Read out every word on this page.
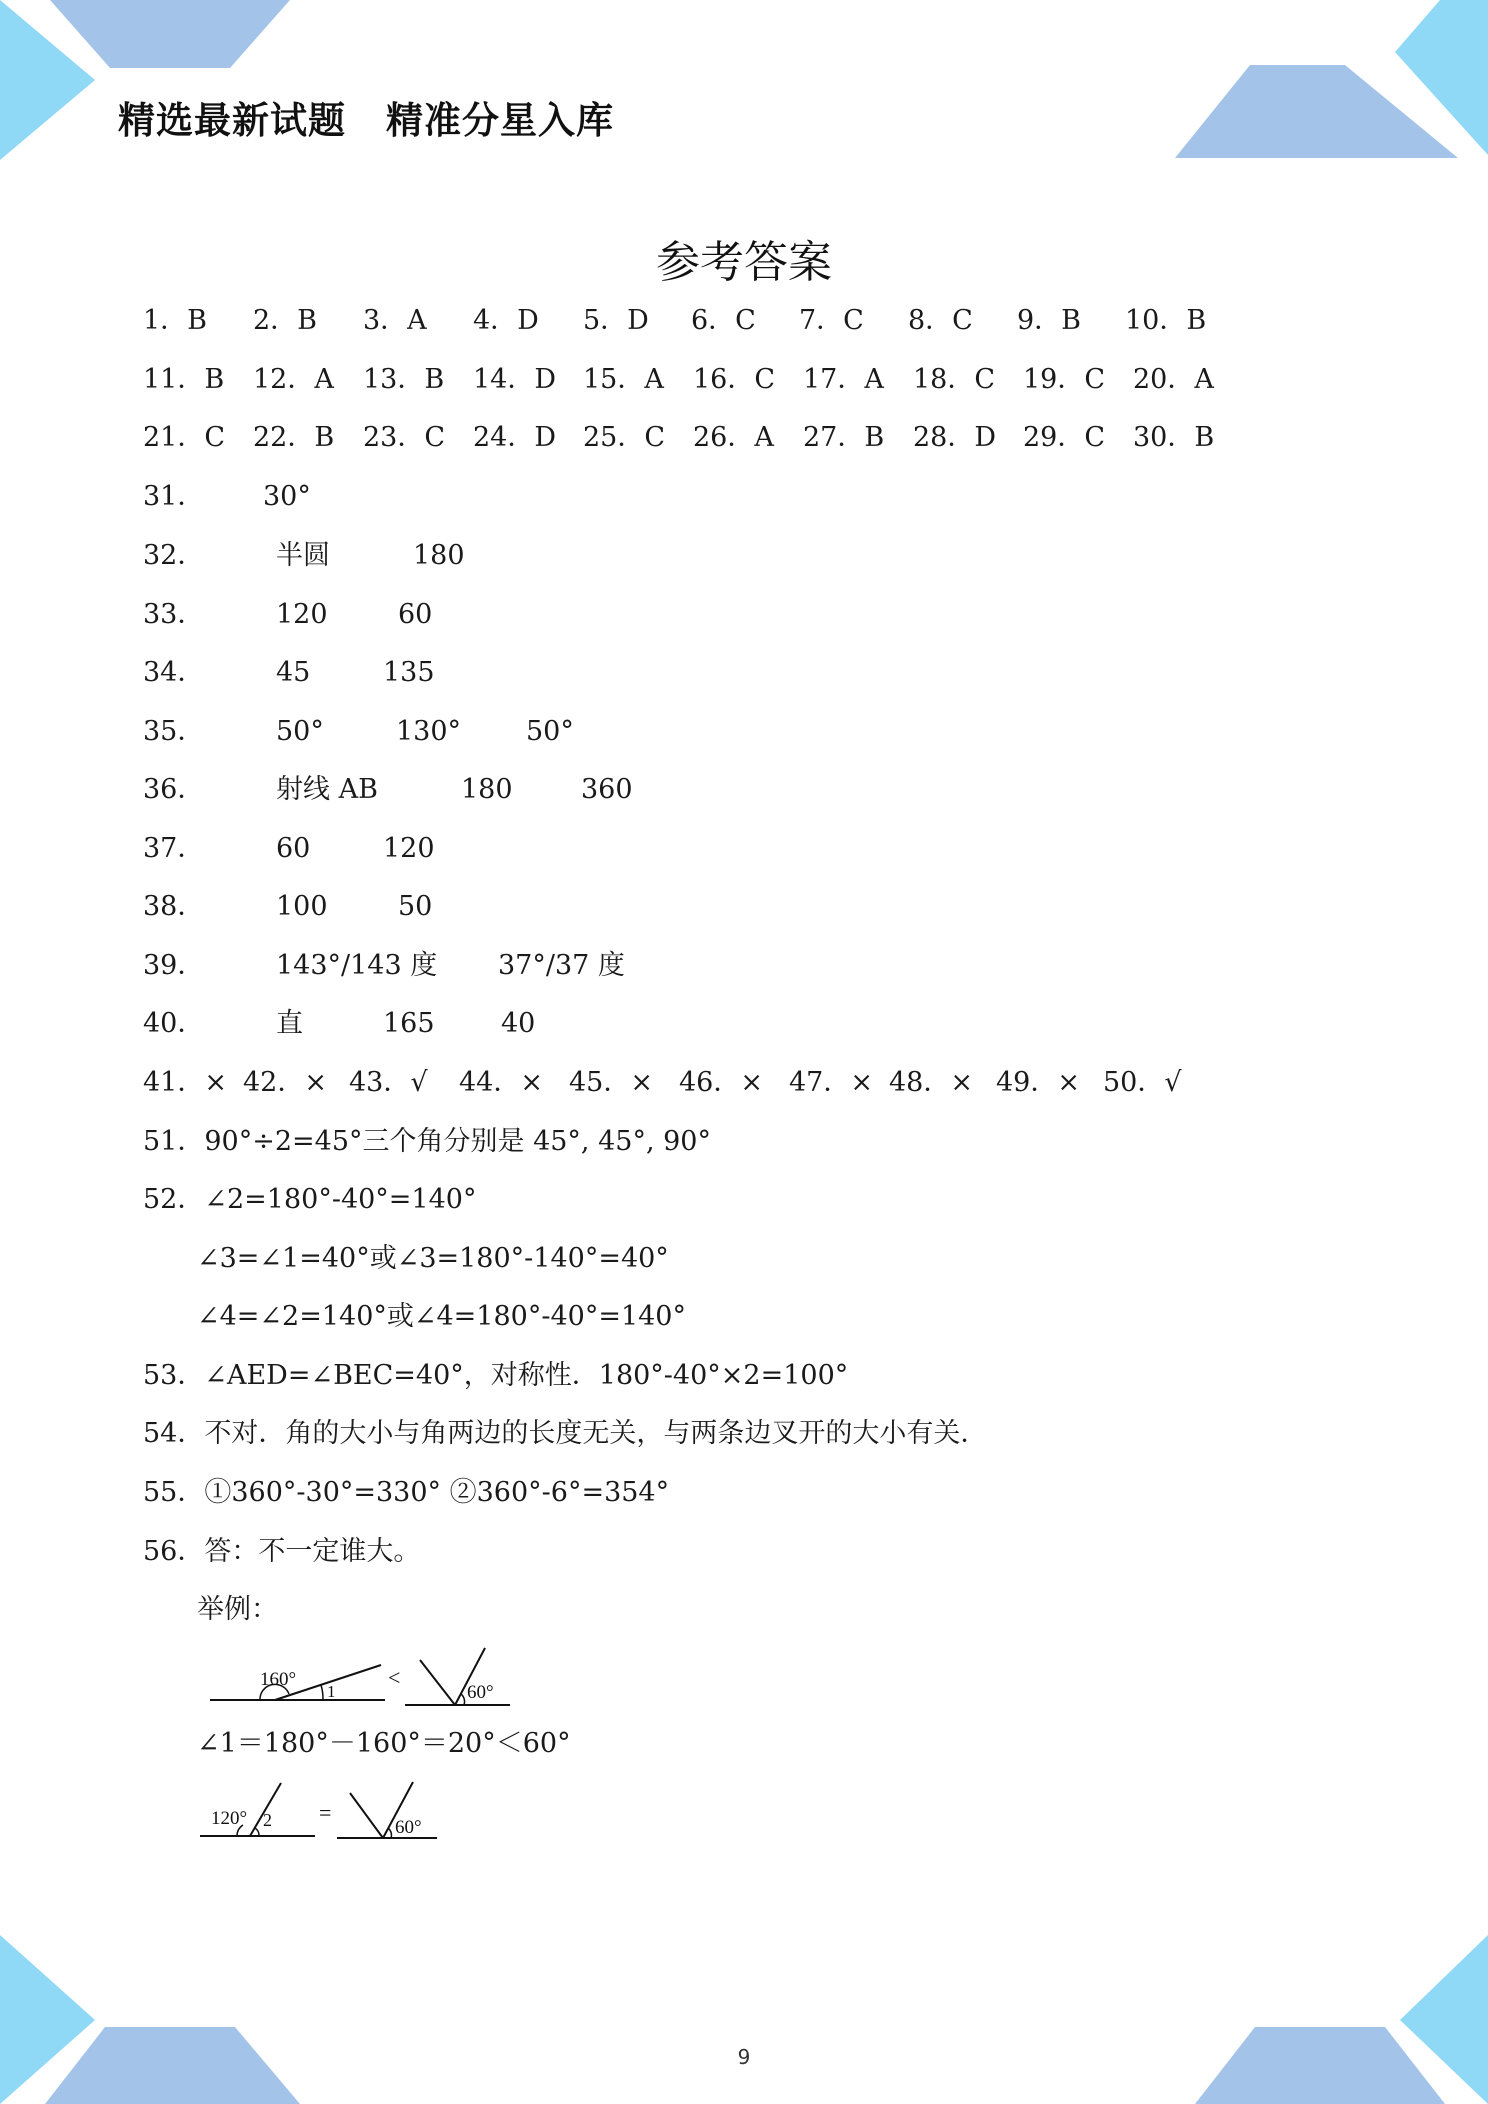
精选最新试题 精准分星入库
参考答案
1．B 2．B 3．A 4．D 5．D 6．C 7．C 8．C 9．B 10．B
11．B 12．A 13．B 14．D 15．A 16．C 17．A 18．C 19．C 20．A
21．C 22．B 23．C 24．D 25．C 26．A 27．B 28．D 29．C 30．B
31． 30°
32．	半圆	180
33．	120	60
34．	45	135
35．	50°	130° 50°
36．	射线 AB	180	360
37．	60	120
38．	100	50
39．	143°/143 度 37°/37 度
40．	直	165 40
41．× 42．× 43．√ 44．× 45．× 46．× 47．× 48．× 49．× 50．√
51．90°÷2=45°三个角分别是 45°, 45°, 90°
52．∠2=180°-40°=140°
∠3=∠1=40°或∠3=180°-140°=40°
∠4=∠2=140°或∠4=180°-40°=140°
53．∠AED=∠BEC=40°，对称性．180°-40°×2=100°
54．不对．角的大小与角两边的长度无关，与两条边叉开的大小有关．
55．①360°-30°=330° ②360°-6°=354°
56．答：不一定谁大。
举例：
160°
1
<
60°
∠1＝180°－160°＝20°＜60°
120° 2 =
60°
9
